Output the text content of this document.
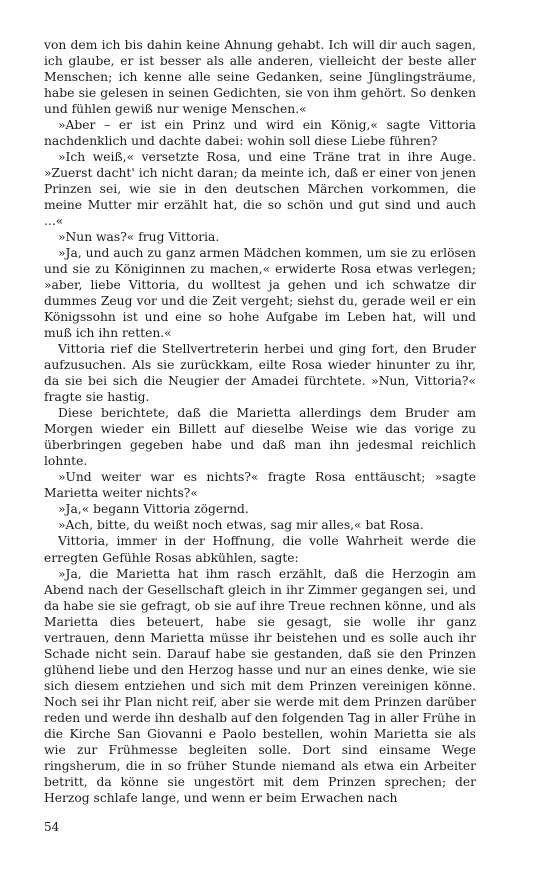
von dem ich bis dahin keine Ahnung gehabt. Ich will dir auch sagen, ich glaube, er ist besser als alle anderen, vielleicht der beste aller Menschen; ich kenne alle seine Gedanken, seine Jünglingsträume, habe sie gelesen in seinen Gedichten, sie von ihm gehört. So denken und fühlen gewiß nur wenige Menschen.«

»Aber – er ist ein Prinz und wird ein König,« sagte Vittoria nachdenklich und dachte dabei: wohin soll diese Liebe führen?

»Ich weiß,« versetzte Rosa, und eine Träne trat in ihre Auge. »Zuerst dacht' ich nicht daran; da meinte ich, daß er einer von jenen Prinzen sei, wie sie in den deutschen Märchen vorkommen, die meine Mutter mir erzählt hat, die so schön und gut sind und auch ...«

»Nun was?« frug Vittoria.

»Ja, und auch zu ganz armen Mädchen kommen, um sie zu erlösen und sie zu Königinnen zu machen,« erwiderte Rosa etwas verlegen; »aber, liebe Vittoria, du wolltest ja gehen und ich schwatze dir dummes Zeug vor und die Zeit vergeht; siehst du, gerade weil er ein Königssohn ist und eine so hohe Aufgabe im Leben hat, will und muß ich ihn retten.«

Vittoria rief die Stellvertreterin herbei und ging fort, den Bruder aufzusuchen. Als sie zurückkam, eilte Rosa wieder hinunter zu ihr, da sie bei sich die Neugier der Amadei fürchtete. »Nun, Vittoria?« fragte sie hastig.

Diese berichtete, daß die Marietta allerdings dem Bruder am Morgen wieder ein Billett auf dieselbe Weise wie das vorige zu überbringen gegeben habe und daß man ihn jedesmal reichlich lohnte.

»Und weiter war es nichts?« fragte Rosa enttäuscht; »sagte Marietta weiter nichts?«

»Ja,« begann Vittoria zögernd.

»Ach, bitte, du weißt noch etwas, sag mir alles,« bat Rosa.

Vittoria, immer in der Hoffnung, die volle Wahrheit werde die erregten Gefühle Rosas abkühlen, sagte:

»Ja, die Marietta hat ihm rasch erzählt, daß die Herzogin am Abend nach der Gesellschaft gleich in ihr Zimmer gegangen sei, und da habe sie sie gefragt, ob sie auf ihre Treue rechnen könne, und als Marietta dies beteuert, habe sie gesagt, sie wolle ihr ganz vertrauen, denn Marietta müsse ihr beistehen und es solle auch ihr Schade nicht sein. Darauf habe sie gestanden, daß sie den Prinzen glühend liebe und den Herzog hasse und nur an eines denke, wie sie sich diesem entziehen und sich mit dem Prinzen vereinigen könne. Noch sei ihr Plan nicht reif, aber sie werde mit dem Prinzen darüber reden und werde ihn deshalb auf den folgenden Tag in aller Frühe in die Kirche San Giovanni e Paolo bestellen, wohin Marietta sie als wie zur Frühmesse begleiten solle. Dort sind einsame Wege ringsherum, die in so früher Stunde niemand als etwa ein Arbeiter betritt, da könne sie ungestört mit dem Prinzen sprechen; der Herzog schlafe lange, und wenn er beim Erwachen nach

54
